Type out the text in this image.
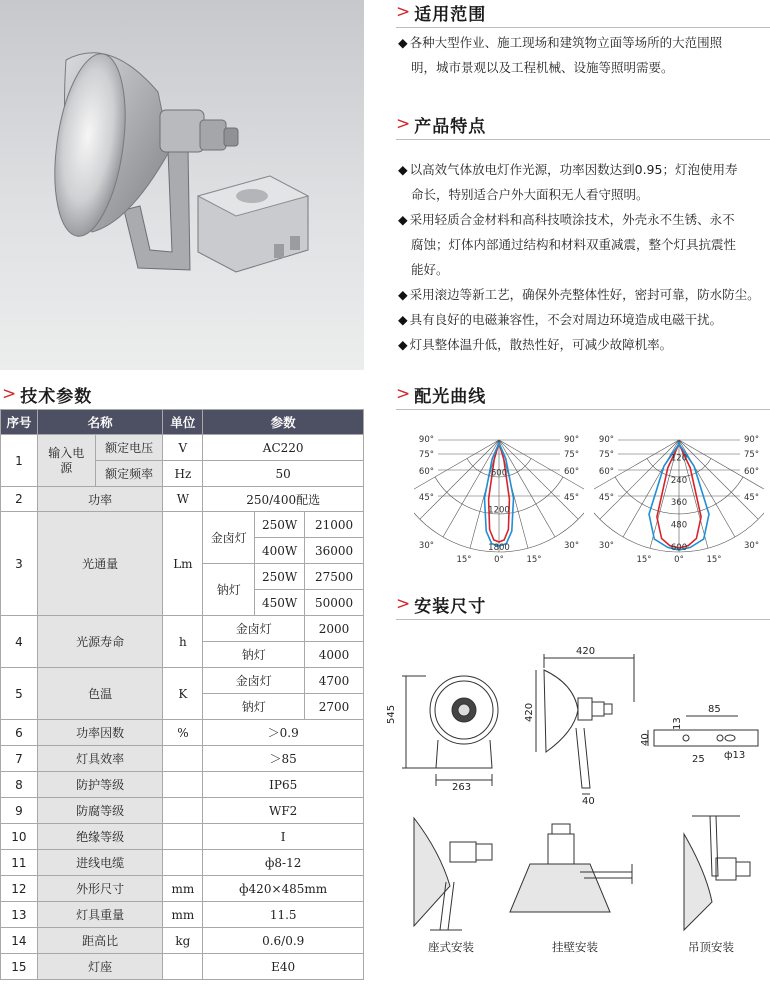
> 适用范围
◆ 各种大型作业、施工现场和建筑物立面等场所的大范围照
明，城市景观以及工程机械、设施等照明需要。
> 产品特点
◆ 以高效气体放电灯作光源，功率因数达到0.95；灯泡使用寿
命长，特别适合户外大面积无人看守照明。
◆ 采用轻质合金材料和高科技喷涂技术，外壳永不生锈、永不
腐蚀；灯体内部通过结构和材料双重减震，整个灯具抗震性
能好。
◆ 采用滚边等新工艺，确保外壳整体性好，密封可靠，防水防尘。
◆ 具有良好的电磁兼容性，不会对周边环境造成电磁干扰。
◆ 灯具整体温升低，散热性好，可减少故障机率。
> 配光曲线
90°	90°
75°	75°
60°	60°
45°	45°
30°	30°
15°	0°	15°
600
1200
1800
90°	90°
75°	75°
60°	60°
45°	45°
30°	30°
15°	0°	15°
120
240
360
480
600
> 安装尺寸
545
263
420
420
40
85
13
40
25 ф13
座式安装	挂壁安装	吊顶安装
> 技术参数
序号	名称		单位	参数		
1	输入电源	额定电压	V	AC220		
		额定频率	Hz	50		
2	功率		W	250/400配选		
3	光通量		Lm	金卤灯	250W	21000
					400W	36000
				钠灯	250W	27500
					450W	50000
4	光源寿命		h	金卤灯		2000
				钠灯		4000
5	色温		K	金卤灯		4700
				钠灯		2700
6	功率因数		%	＞0.9		
7	灯具效率			＞85		
8	防护等级			IP65		
9	防腐等级			WF2		
10	绝缘等级			I		
11	进线电缆			ф8-12		
12	外形尺寸		mm	ф420×485mm		
13	灯具重量		mm	11.5		
14	距高比		kg	0.6/0.9		
15	灯座			E40		
